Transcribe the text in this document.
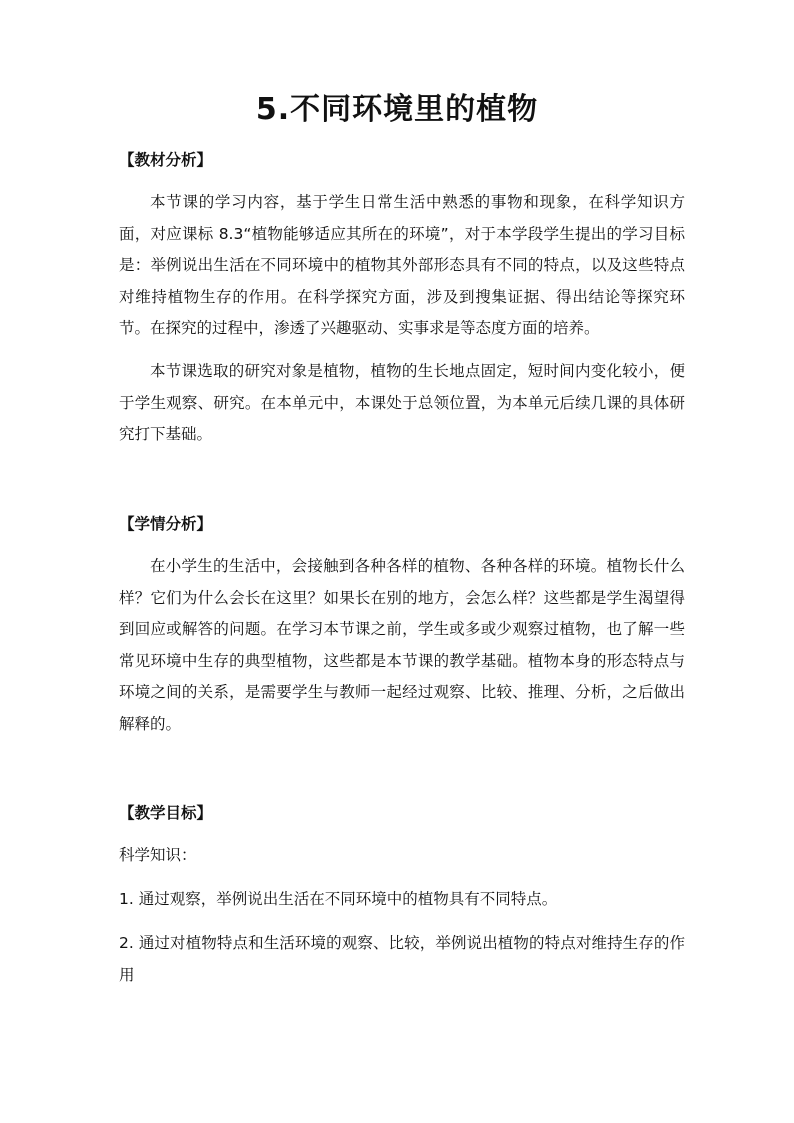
5.不同环境里的植物
【教材分析】

本节课的学习内容，基于学生日常生活中熟悉的事物和现象，在科学知识方面，对应课标 8.3“植物能够适应其所在的环境”，对于本学段学生提出的学习目标是：举例说出生活在不同环境中的植物其外部形态具有不同的特点，以及这些特点对维持植物生存的作用。在科学探究方面，涉及到搜集证据、得出结论等探究环节。在探究的过程中，渗透了兴趣驱动、实事求是等态度方面的培养。

本节课选取的研究对象是植物，植物的生长地点固定，短时间内变化较小，便于学生观察、研究。在本单元中，本课处于总领位置，为本单元后续几课的具体研究打下基础。

【学情分析】

在小学生的生活中，会接触到各种各样的植物、各种各样的环境。植物长什么样？它们为什么会长在这里？如果长在别的地方，会怎么样？这些都是学生渴望得到回应或解答的问题。在学习本节课之前，学生或多或少观察过植物，也了解一些常见环境中生存的典型植物，这些都是本节课的教学基础。植物本身的形态特点与环境之间的关系，是需要学生与教师一起经过观察、比较、推理、分析，之后做出解释的。

【教学目标】

科学知识：

1. 通过观察，举例说出生活在不同环境中的植物具有不同特点。

2. 通过对植物特点和生活环境的观察、比较，举例说出植物的特点对维持生存的作用
